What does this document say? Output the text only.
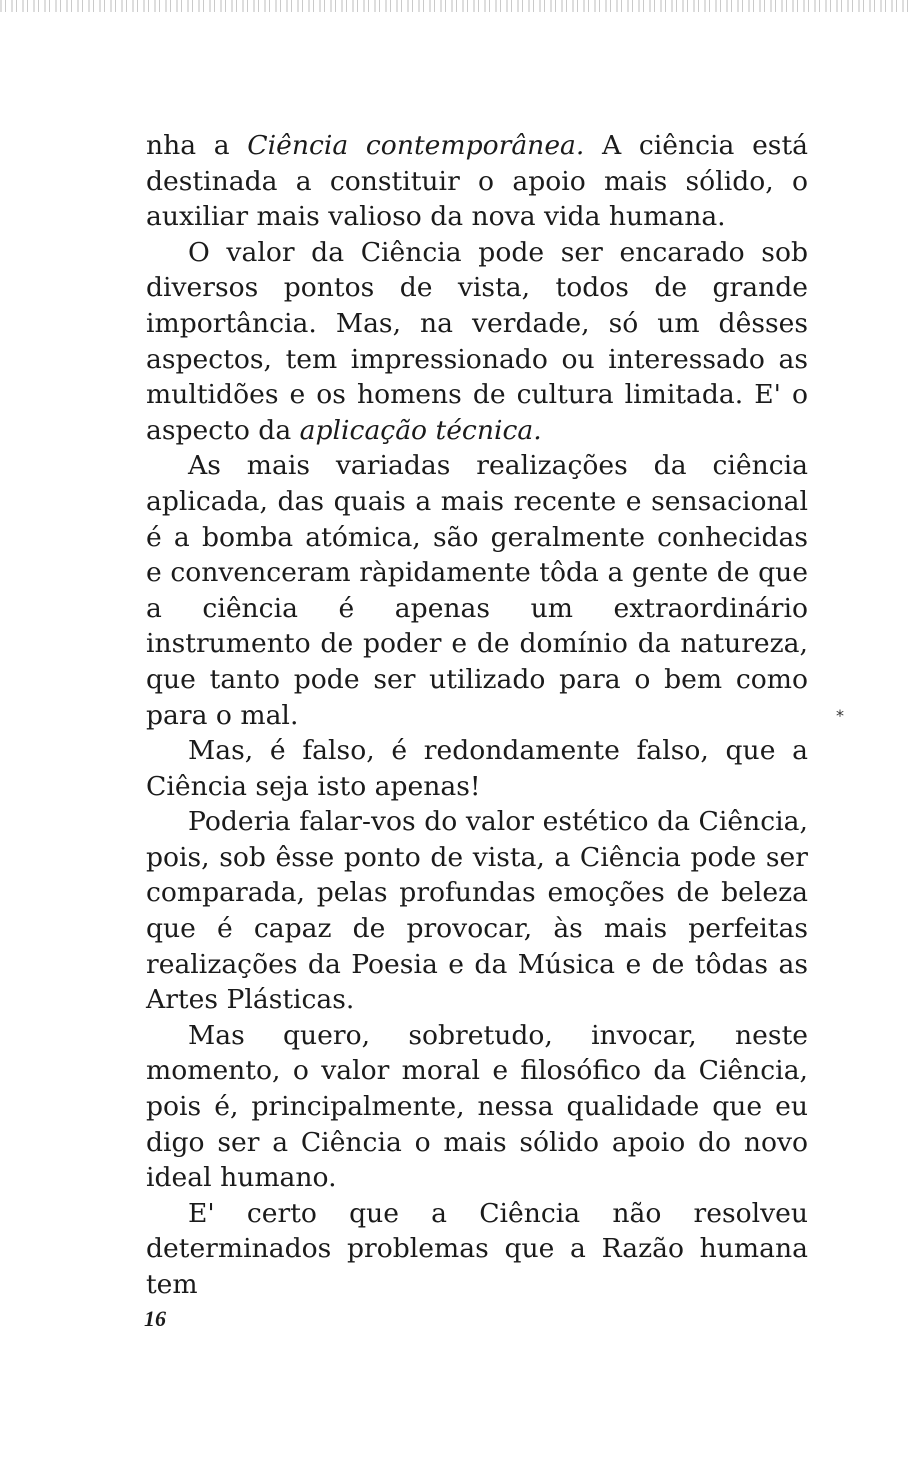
nha a Ciência contemporânea. A ciência está destinada a constituir o apoio mais sólido, o auxiliar mais valioso da nova vida humana.

O valor da Ciência pode ser encarado sob diversos pontos de vista, todos de grande importância. Mas, na verdade, só um dêsses aspectos, tem impressionado ou interessado as multidões e os homens de cultura limitada. E' o aspecto da aplicação técnica.

As mais variadas realizações da ciência aplicada, das quais a mais recente e sensacional é a bomba atómica, são geralmente conhecidas e convenceram ràpidamente tôda a gente de que a ciência é apenas um extraordinário instrumento de poder e de domínio da natureza, que tanto pode ser utilizado para o bem como para o mal.

Mas, é falso, é redondamente falso, que a Ciência seja isto apenas!

Poderia falar-vos do valor estético da Ciência, pois, sob êsse ponto de vista, a Ciência pode ser comparada, pelas profundas emoções de beleza que é capaz de provocar, às mais perfeitas realizações da Poesia e da Música e de tôdas as Artes Plásticas.

Mas quero, sobretudo, invocar, neste momento, o valor moral e filosófico da Ciência, pois é, principalmente, nessa qualidade que eu digo ser a Ciência o mais sólido apoio do novo ideal humano.

E' certo que a Ciência não resolveu determinados problemas que a Razão humana tem

*
16
